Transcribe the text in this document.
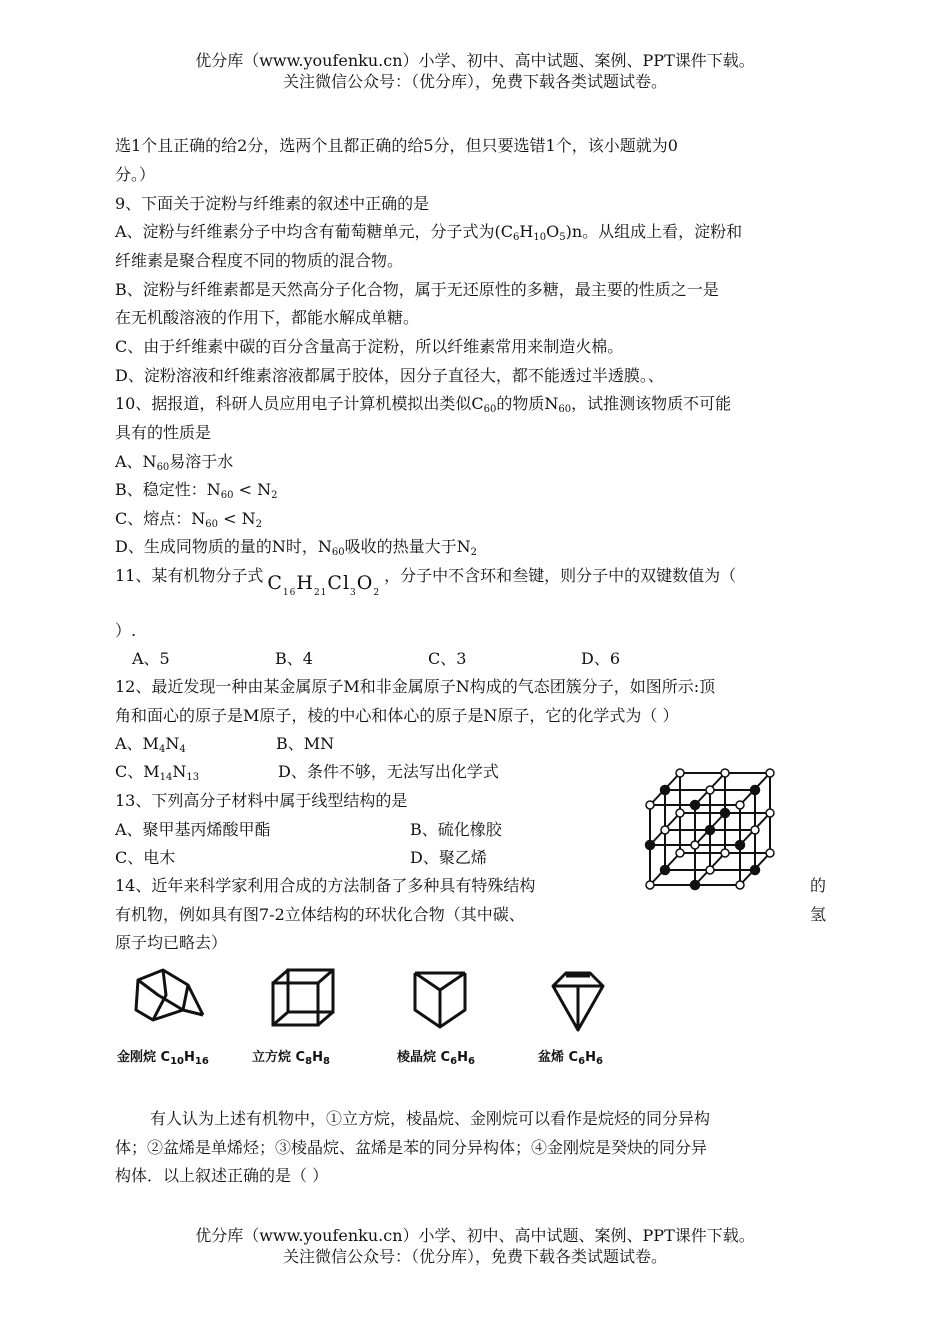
优分库（www.youfenku.cn）小学、初中、高中试题、案例、PPT课件下载。
关注微信公众号：（优分库），免费下载各类试题试卷。
选1个且正确的给2分，选两个且都正确的给5分，但只要选错1个，该小题就为0
分。）
9、下面关于淀粉与纤维素的叙述中正确的是
A、淀粉与纤维素分子中均含有葡萄糖单元，分子式为$(C_6H_{10}O_5)n$。从组成上看，淀粉和
纤维素是聚合程度不同的物质的混合物。
B、淀粉与纤维素都是天然高分子化合物，属于无还原性的多糖，最主要的性质之一是
在无机酸溶液的作用下，都能水解成单糖。
C、由于纤维素中碳的百分含量高于淀粉，所以纤维素常用来制造火棉。
D、淀粉溶液和纤维素溶液都属于胶体，因分子直径大，都不能透过半透膜。、
10、据报道，科研人员应用电子计算机模拟出类似$C_{60}$的物质$N_{60}$，试推测该物质不可能
具有的性质是
A、$N_{60}$易溶于水
B、稳定性：$N_{60} < N_2$
C、熔点：$N_{60} < N_2$
D、生成同物质的量的N时，$N_{60}$吸收的热量大于$N_2$
11、某有机物分子式 $C_{16}H_{21}Cl_3O_2$，分子中不含环和叁键，则分子中的双键数值为（
）.
A、5	B、4	C、3	D、6
12、最近发现一种由某金属原子M和非金属原子N构成的气态团簇分子，如图所示:顶
角和面心的原子是M原子，棱的中心和体心的原子是N原子，它的化学式为（ ）
A、$M_4N_4$	B、MN
C、$M_{14}N_{13}$	D、条件不够，无法写出化学式
13、下列高分子材料中属于线型结构的是
A、聚甲基丙烯酸甲酯	B、硫化橡胶
C、电木	D、聚乙烯
14、近年来科学家利用合成的方法制备了多种具有特殊结构	的
有机物，例如具有图7-2立体结构的环状化合物（其中碳、	氢
原子均已略去）
金刚烷 $C_{10}H_{16}$	立方烷 $C_8H_8$	棱晶烷 $C_6H_6$	盆烯 $C_6H_6$
有人认为上述有机物中，①立方烷，棱晶烷、金刚烷可以看作是烷烃的同分异构
体；②盆烯是单烯烃；③棱晶烷、盆烯是苯的同分异构体；④金刚烷是癸炔的同分异
构体．以上叙述正确的是（ ）
优分库（www.youfenku.cn）小学、初中、高中试题、案例、PPT课件下载。
关注微信公众号：（优分库），免费下载各类试题试卷。
